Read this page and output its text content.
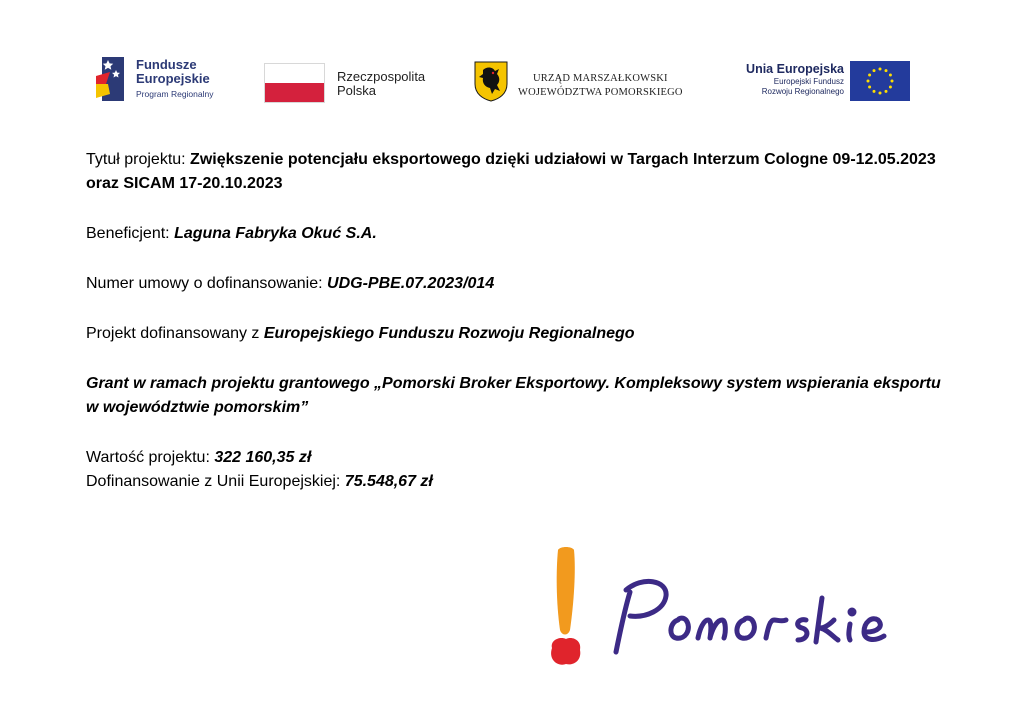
Fundusze
Europejskie
Program Regionalny
Rzeczpospolita
Polska
URZĄD MARSZAŁKOWSKI
WOJEWÓDZTWA POMORSKIEGO
Unia Europejska
Europejski Fundusz
Rozwoju Regionalnego

Tytuł projektu: Zwiększenie potencjału eksportowego dzięki udziałowi w Targach Interzum Cologne 09-12.05.2023 oraz SICAM 17-20.10.2023

Beneficjent: Laguna Fabryka Okuć S.A.

Numer umowy o dofinansowanie: UDG-PBE.07.2023/014

Projekt dofinansowany z Europejskiego Funduszu Rozwoju Regionalnego

Grant w ramach projektu grantowego „Pomorski Broker Eksportowy. Kompleksowy system wspierania eksportu w województwie pomorskim”

Wartość projektu: 322 160,35 zł

Dofinansowanie z Unii Europejskiej: 75.548,67 zł

Pomorskie
